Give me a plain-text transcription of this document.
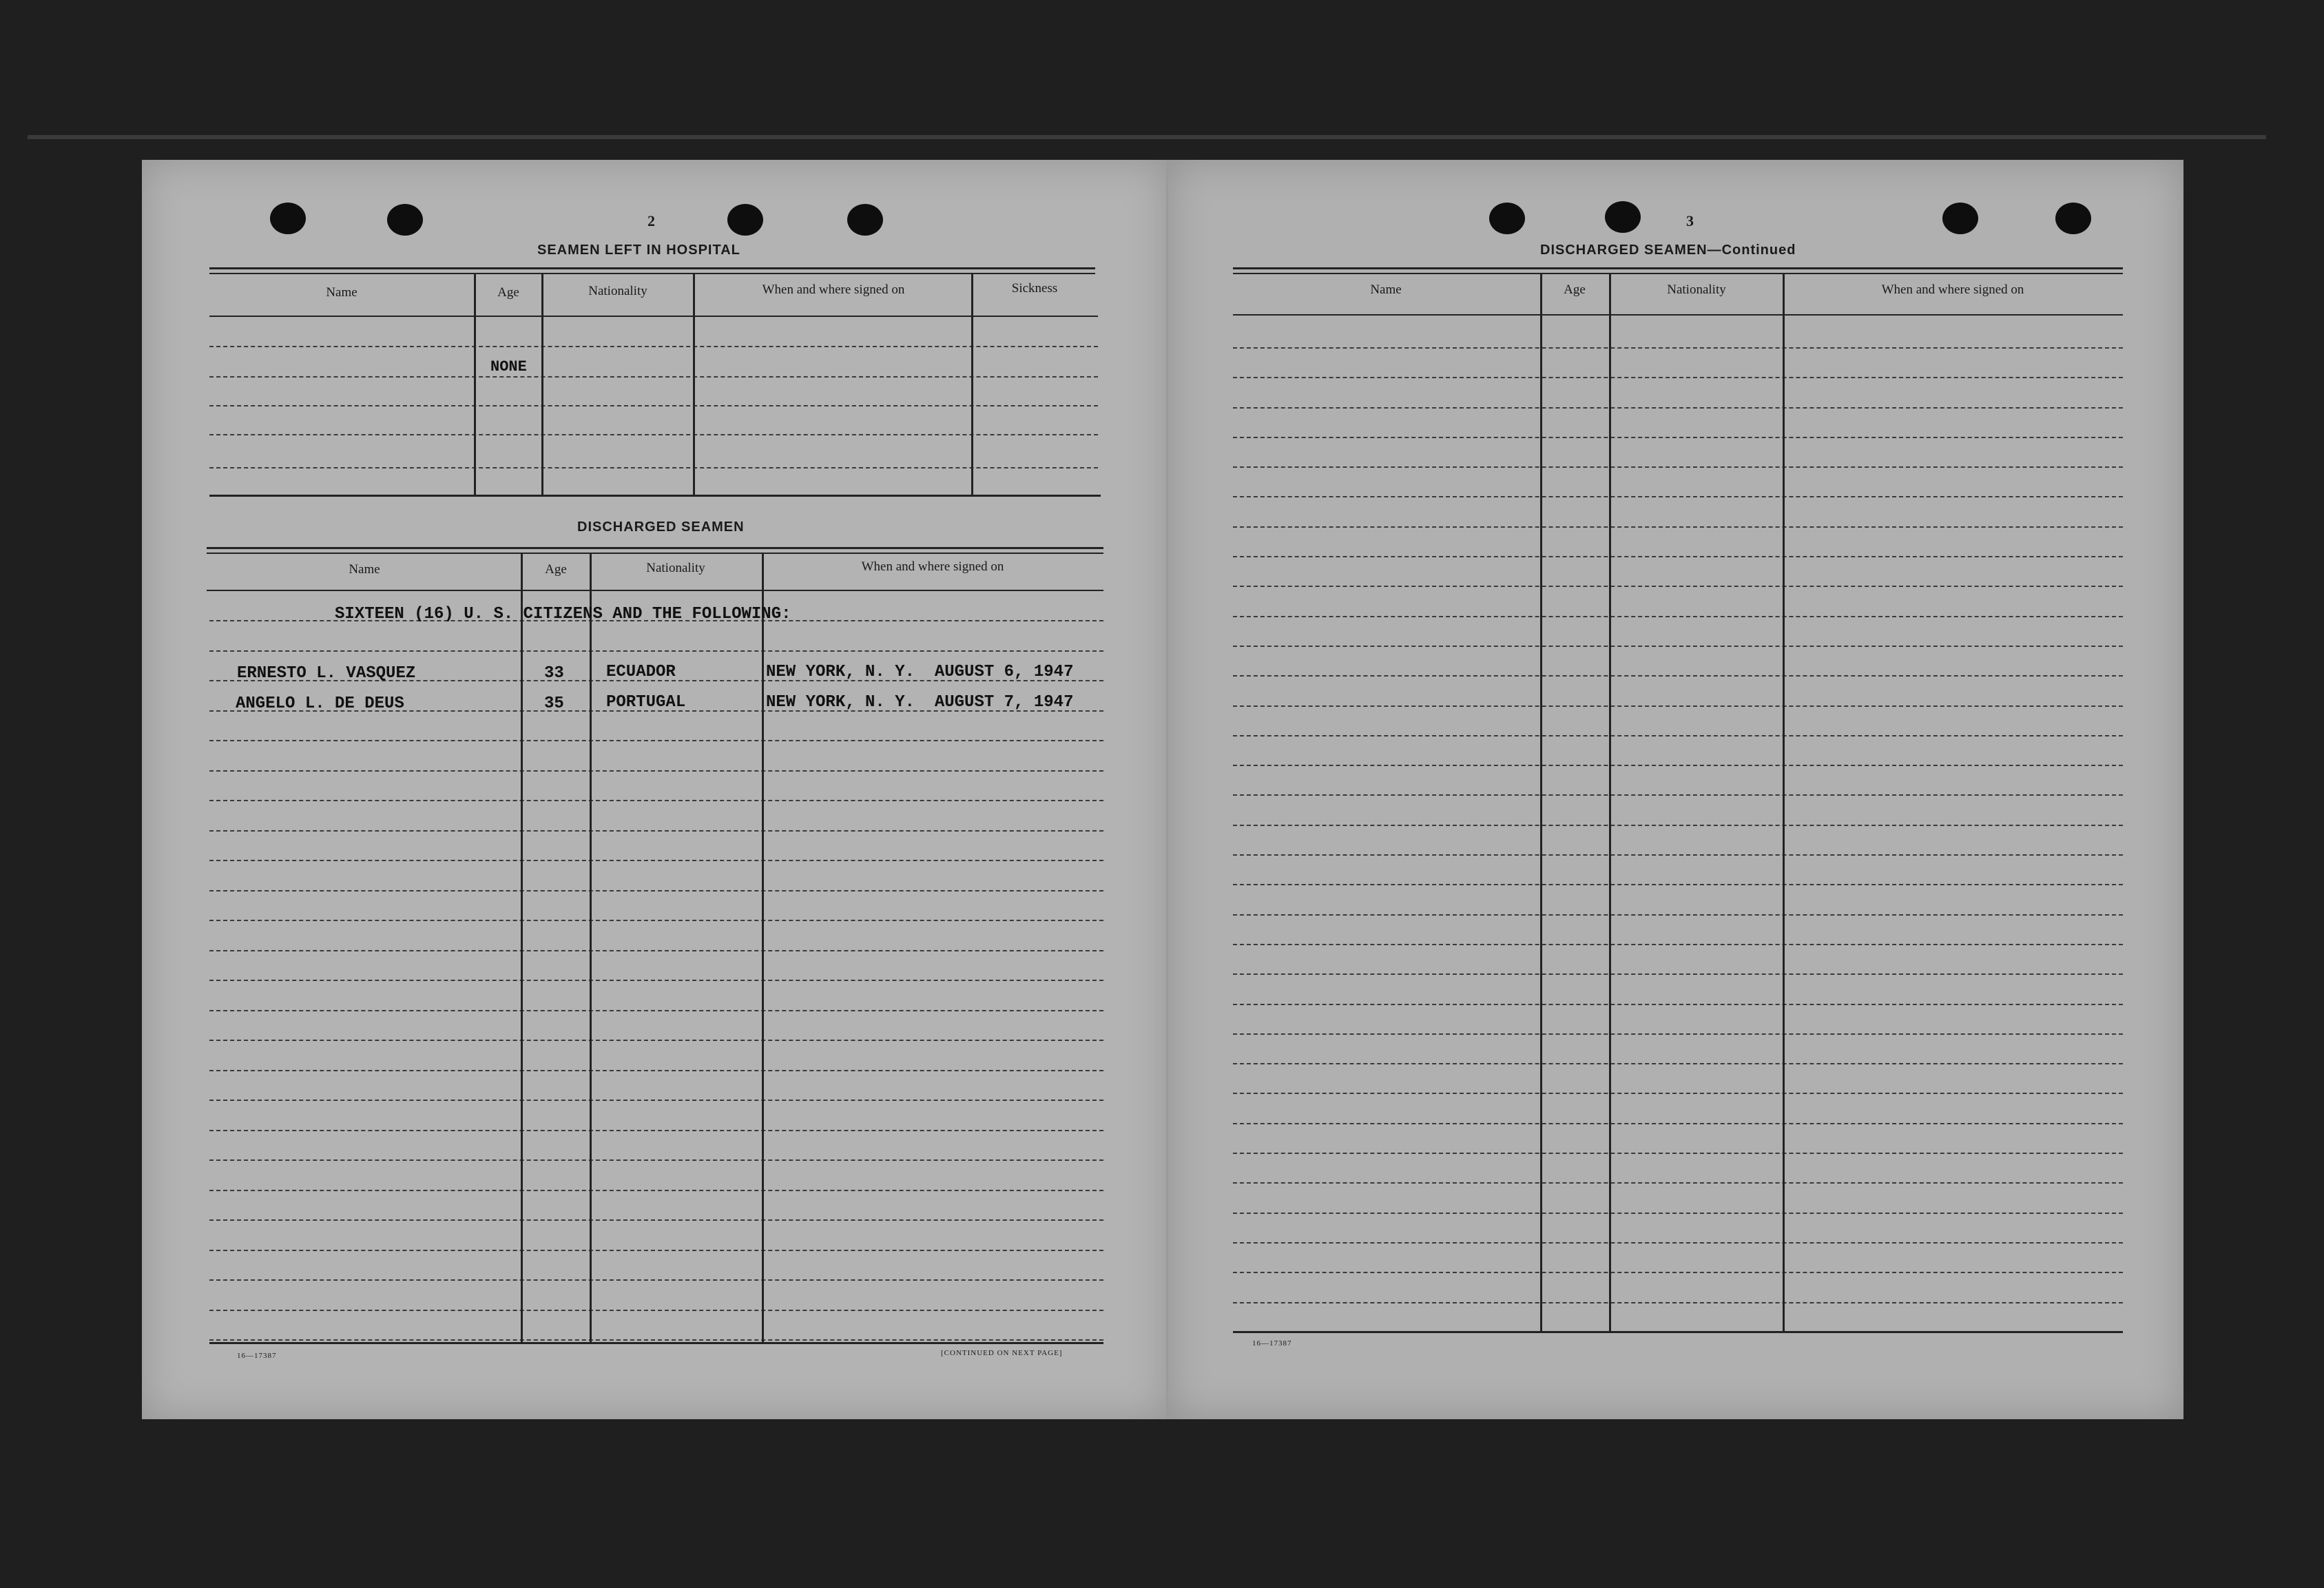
2
SEAMEN LEFT IN HOSPITAL
Name	Age	Nationality	When and where signed on	Sickness
NONE
DISCHARGED SEAMEN
Name	Age	Nationality	When and where signed on
SIXTEEN (16) U. S. CITIZENS AND THE FOLLOWING:
ERNESTO L. VASQUEZ	33	ECUADOR	NEW YORK, N. Y.  AUGUST 6, 1947
ANGELO L. DE DEUS	35	PORTUGAL	NEW YORK, N. Y.  AUGUST 7, 1947
16—17387	[CONTINUED ON NEXT PAGE]
3
DISCHARGED SEAMEN—Continued
Name	Age	Nationality	When and where signed on
16—17387
